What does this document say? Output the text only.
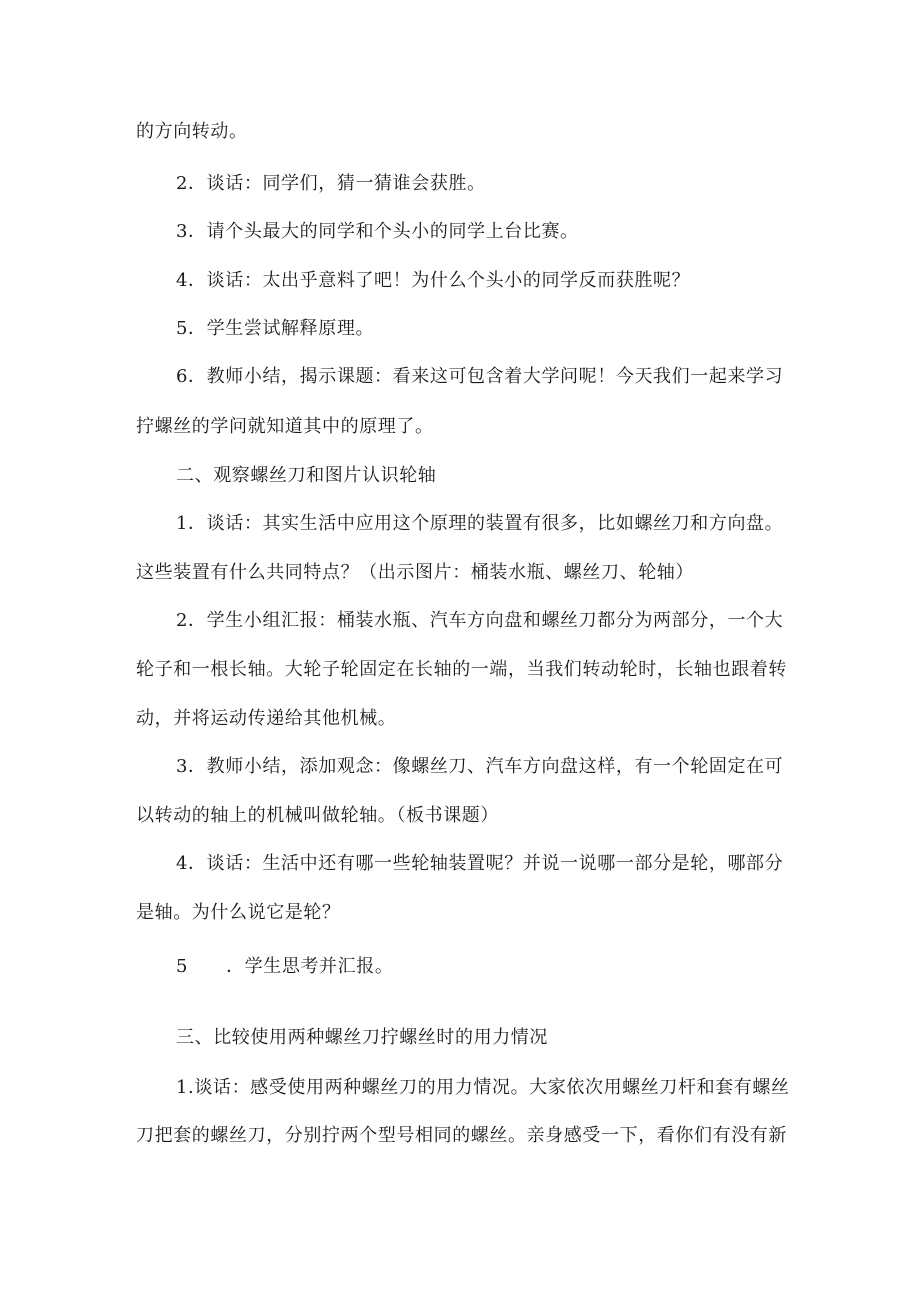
的方向转动。
2．谈话：同学们，猜一猜谁会获胜。
3．请个头最大的同学和个头小的同学上台比赛。
4．谈话：太出乎意料了吧！为什么个头小的同学反而获胜呢？
5．学生尝试解释原理。
6．教师小结，揭示课题：看来这可包含着大学问呢！今天我们一起来学习
拧螺丝的学问就知道其中的原理了。
二、观察螺丝刀和图片认识轮轴
1．谈话：其实生活中应用这个原理的装置有很多，比如螺丝刀和方向盘。
这些装置有什么共同特点？（出示图片：桶装水瓶、螺丝刀、轮轴）
2．学生小组汇报：桶装水瓶、汽车方向盘和螺丝刀都分为两部分，一个大
轮子和一根长轴。大轮子轮固定在长轴的一端，当我们转动轮时，长轴也跟着转
动，并将运动传递给其他机械。
3．教师小结，添加观念：像螺丝刀、汽车方向盘这样，有一个轮固定在可
以转动的轴上的机械叫做轮轴。（板书课题）
4．谈话：生活中还有哪一些轮轴装置呢？并说一说哪一部分是轮，哪部分
是轴。为什么说它是轮？
5 ．学生思考并汇报。
三、比较使用两种螺丝刀拧螺丝时的用力情况
1.谈话：感受使用两种螺丝刀的用力情况。大家依次用螺丝刀杆和套有螺丝
刀把套的螺丝刀，分别拧两个型号相同的螺丝。亲身感受一下，看你们有没有新
